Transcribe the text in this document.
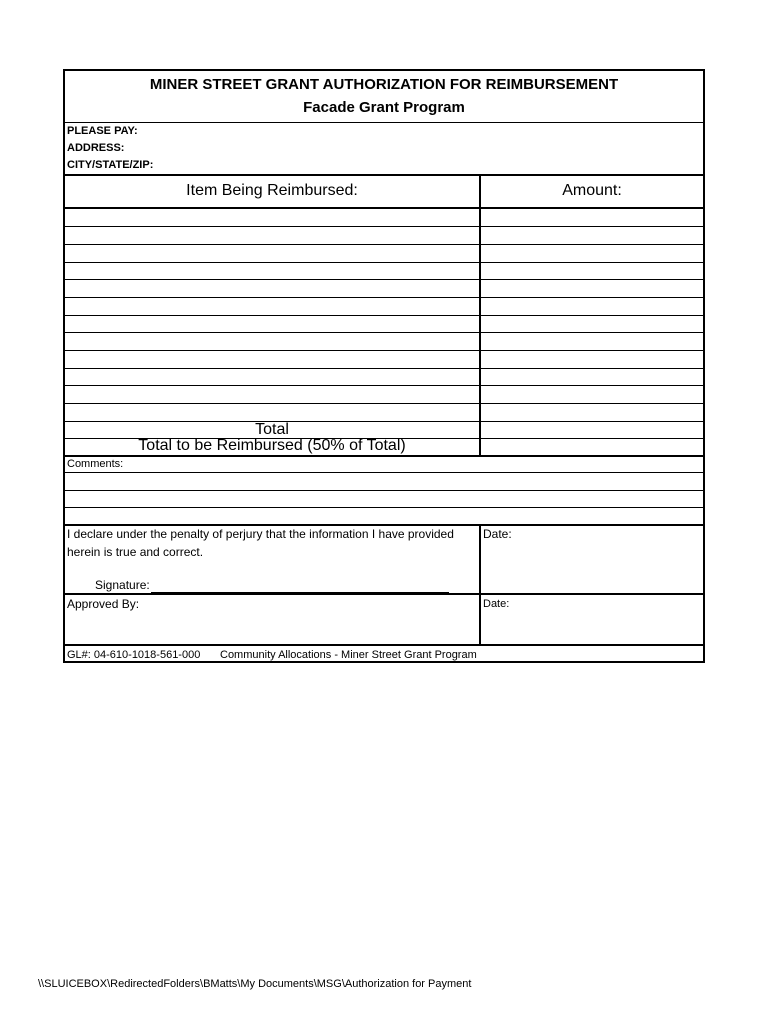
MINER STREET GRANT AUTHORIZATION FOR REIMBURSEMENT
Facade Grant Program
PLEASE PAY:
ADDRESS:
CITY/STATE/ZIP:
Item Being Reimbursed:	Amount:
Total
Total to be Reimbursed (50% of Total)
Comments:
I declare under the penalty of perjury that the information I have provided
herein is true and correct.
Signature:
Date:
Approved By:	Date:
GL#: 04-610-1018-561-000 Community Allocations - Miner Street Grant Program
\\SLUICEBOX\RedirectedFolders\BMatts\My Documents\MSG\Authorization for Payment
